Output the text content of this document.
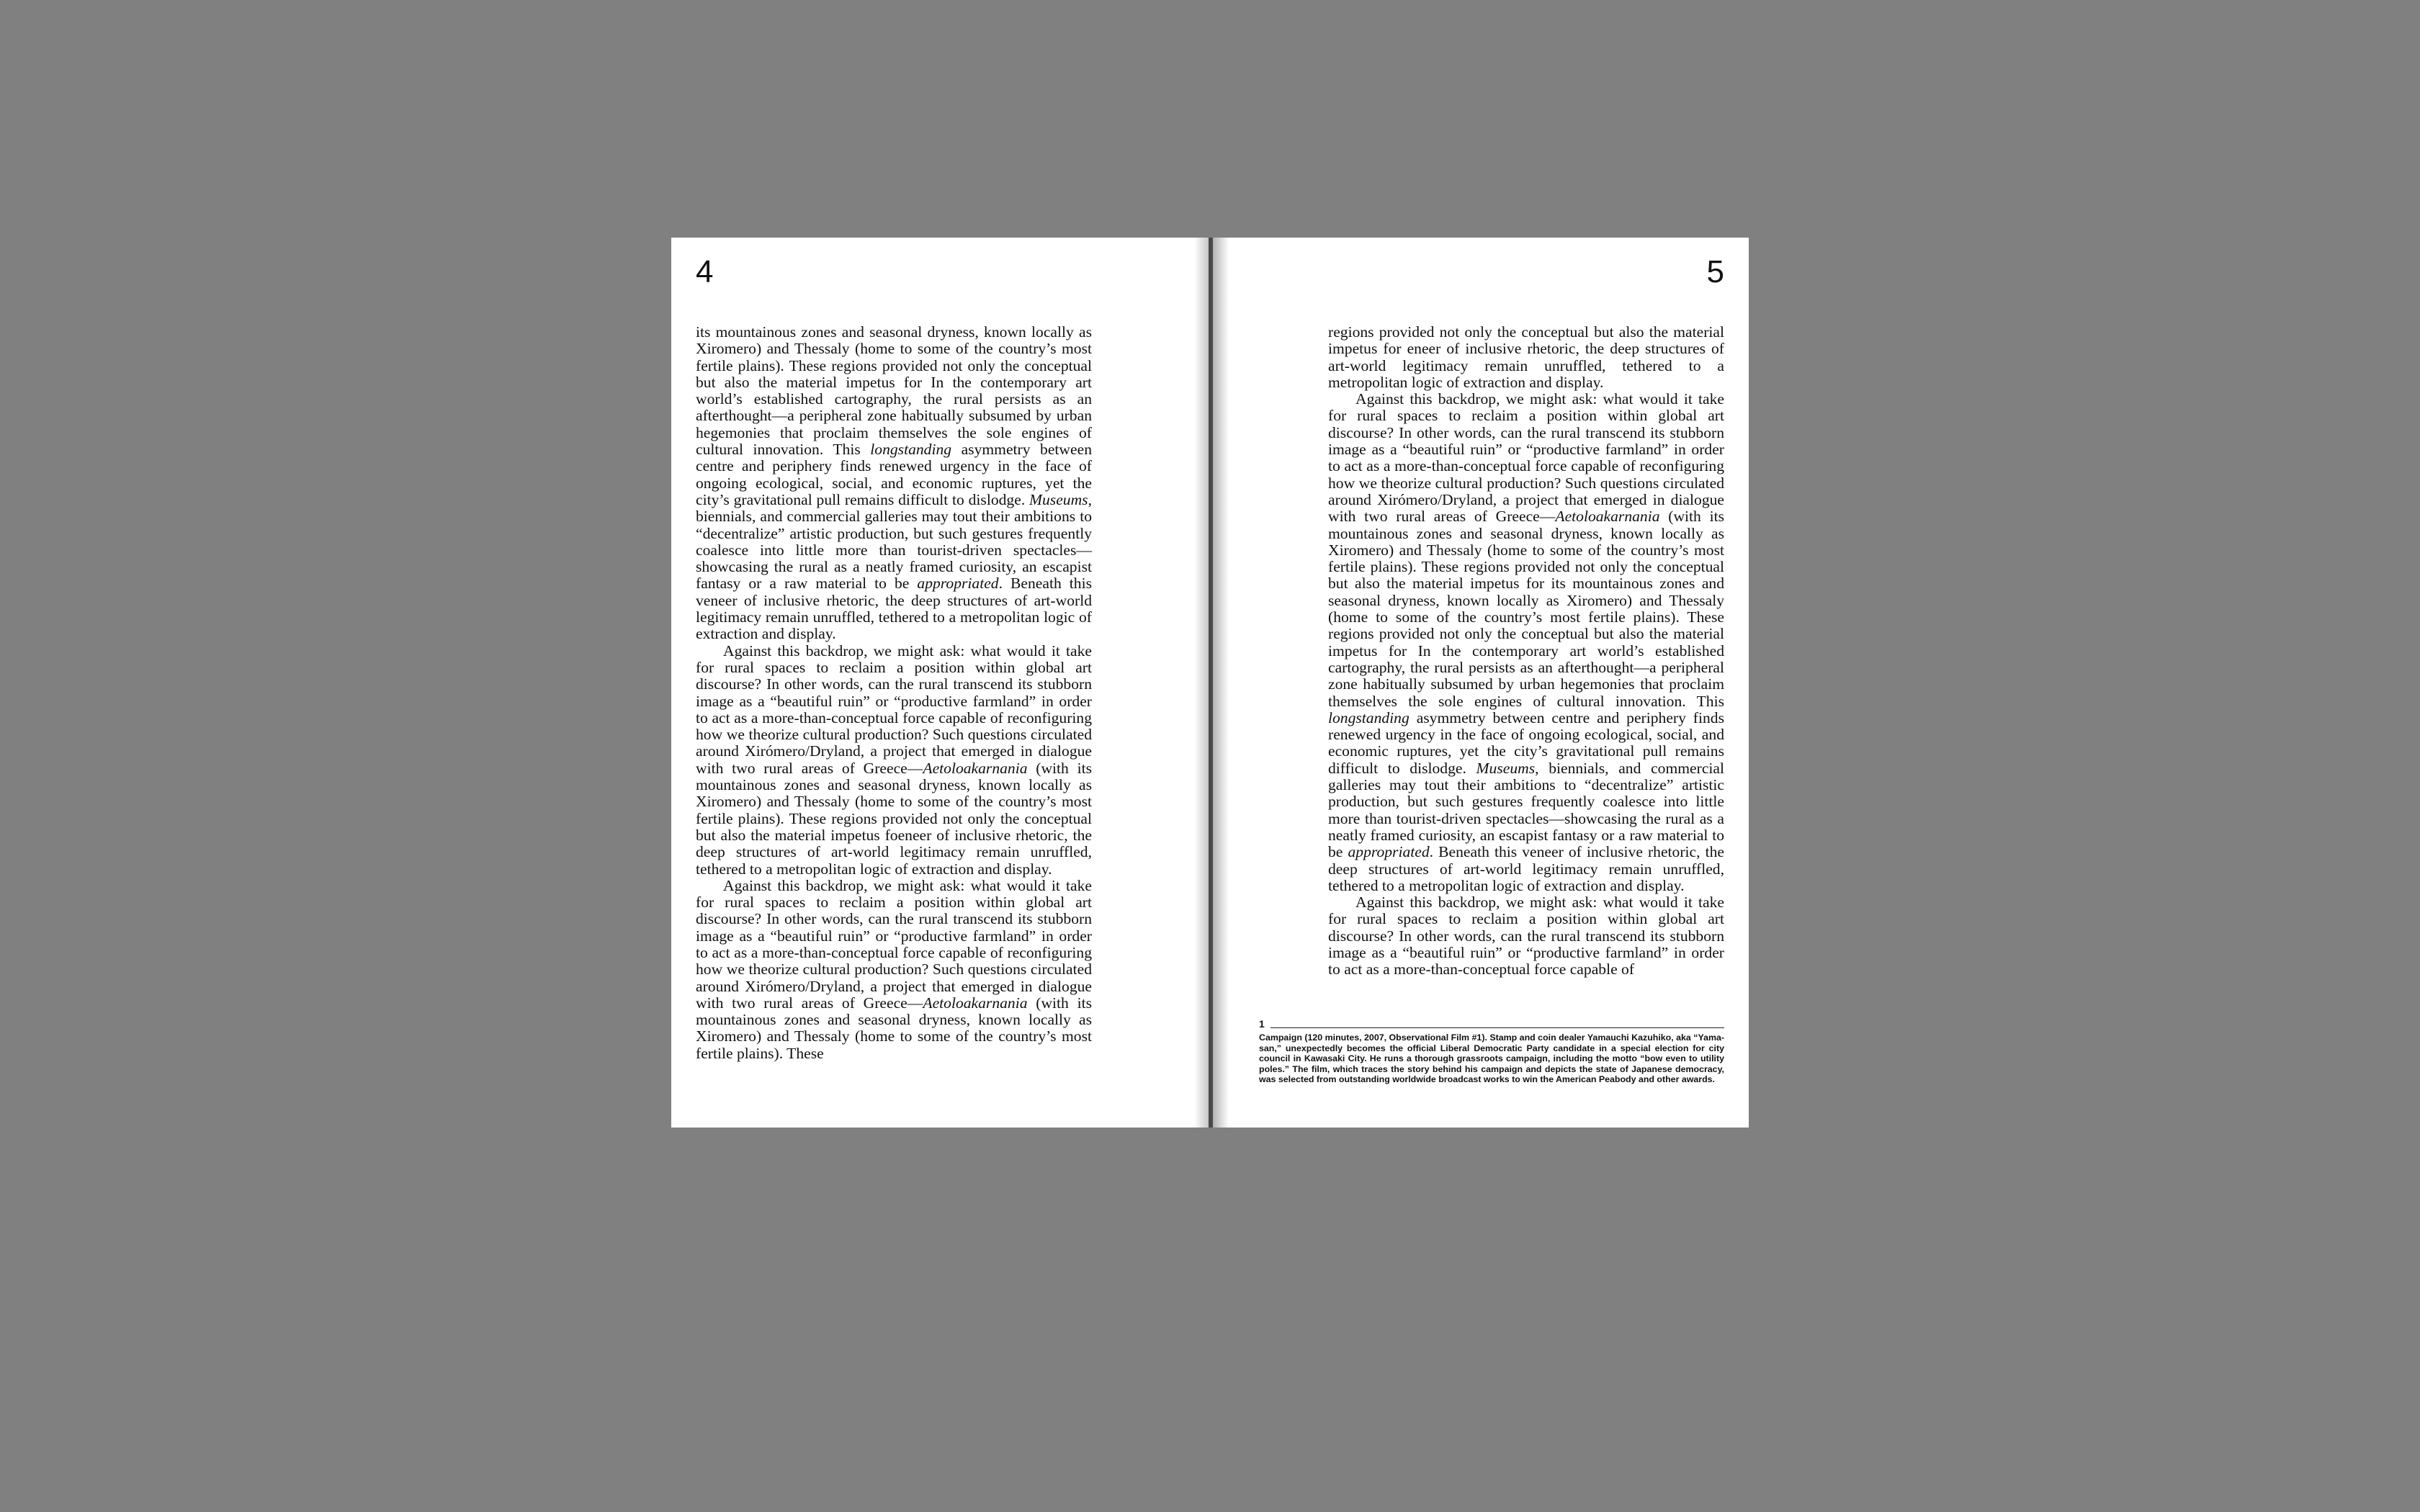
4

its mountainous zones and seasonal dryness, known locally as Xiromero) and Thessaly (home to some of the country’s most fertile plains). These regions provided not only the conceptual but also the material impetus for In the contemporary art world’s established cartography, the rural persists as an afterthought—a peripheral zone habitually subsumed by urban hegemonies that proclaim themselves the sole engines of cultural innovation. This longstanding asymmetry between centre and periphery finds renewed urgency in the face of ongoing ecological, social, and economic ruptures, yet the city’s gravitational pull remains difficult to dislodge. Museums, biennials, and commercial galleries may tout their ambitions to “decentralize” artistic production, but such gestures frequently coalesce into little more than tourist-driven spectacles—showcasing the rural as a neatly framed curiosity, an escapist fantasy or a raw material to be appropriated. Beneath this veneer of inclusive rhetoric, the deep structures of art-world legitimacy remain unruffled, tethered to a metropolitan logic of extraction and display.

Against this backdrop, we might ask: what would it take for rural spaces to reclaim a position within global art discourse? In other words, can the rural transcend its stubborn image as a “beautiful ruin” or “productive farmland” in order to act as a more-than-conceptual force capable of reconfiguring how we theorize cultural production? Such questions circulated around Xirómero/Dryland, a project that emerged in dialogue with two rural areas of Greece—Aetoloakarnania (with its mountainous zones and seasonal dryness, known locally as Xiromero) and Thessaly (home to some of the country’s most fertile plains). These regions provided not only the conceptual but also the material impetus foeneer of inclusive rhetoric, the deep structures of art-world legitimacy remain unruffled, tethered to a metropolitan logic of extraction and display.

Against this backdrop, we might ask: what would it take for rural spaces to reclaim a position within global art discourse? In other words, can the rural transcend its stubborn image as a “beautiful ruin” or “productive farmland” in order to act as a more-than-conceptual force capable of reconfiguring how we theorize cultural production? Such questions circulated around Xirómero/Dryland, a project that emerged in dialogue with two rural areas of Greece—Aetoloakarnania (with its mountainous zones and seasonal dryness, known locally as Xiromero) and Thessaly (home to some of the country’s most fertile plains). These

5

regions provided not only the conceptual but also the material impetus for eneer of inclusive rhetoric, the deep structures of art-world legitimacy remain unruffled, tethered to a metropolitan logic of extraction and display.

Against this backdrop, we might ask: what would it take for rural spaces to reclaim a position within global art discourse? In other words, can the rural transcend its stubborn image as a “beautiful ruin” or “productive farmland” in order to act as a more-than-conceptual force capable of reconfiguring how we theorize cultural production? Such questions circulated around Xirómero/Dryland, a project that emerged in dialogue with two rural areas of Greece—Aetoloakarnania (with its mountainous zones and seasonal dryness, known locally as Xiromero) and Thessaly (home to some of the country’s most fertile plains). These regions provided not only the conceptual but also the material impetus for its mountainous zones and seasonal dryness, known locally as Xiromero) and Thessaly (home to some of the country’s most fertile plains). These regions provided not only the conceptual but also the material impetus for In the contemporary art world’s established cartography, the rural persists as an afterthought—a peripheral zone habitually subsumed by urban hegemonies that proclaim themselves the sole engines of cultural innovation. This longstanding asymmetry between centre and periphery finds renewed urgency in the face of ongoing ecological, social, and economic ruptures, yet the city’s gravitational pull remains difficult to dislodge. Museums, biennials, and commercial galleries may tout their ambitions to “decentralize” artistic production, but such gestures frequently coalesce into little more than tourist-driven spectacles—showcasing the rural as a neatly framed curiosity, an escapist fantasy or a raw material to be appropriated. Beneath this veneer of inclusive rhetoric, the deep structures of art-world legitimacy remain unruffled, tethered to a metropolitan logic of extraction and display.

Against this backdrop, we might ask: what would it take for rural spaces to reclaim a position within global art discourse? In other words, can the rural transcend its stubborn image as a “beautiful ruin” or “productive farmland” in order to act as a more-than-conceptual force capable of

1
Campaign (120 minutes, 2007, Observational Film #1). Stamp and coin dealer Yamauchi Kazuhiko, aka “Yama-san,” unexpectedly becomes the official Liberal Democratic Party candidate in a special election for city council in Kawasaki City. He runs a thorough grassroots campaign, including the motto “bow even to utility poles.” The film, which traces the story behind his campaign and depicts the state of Japanese democracy, was selected from outstanding worldwide broadcast works to win the American Peabody and other awards.
